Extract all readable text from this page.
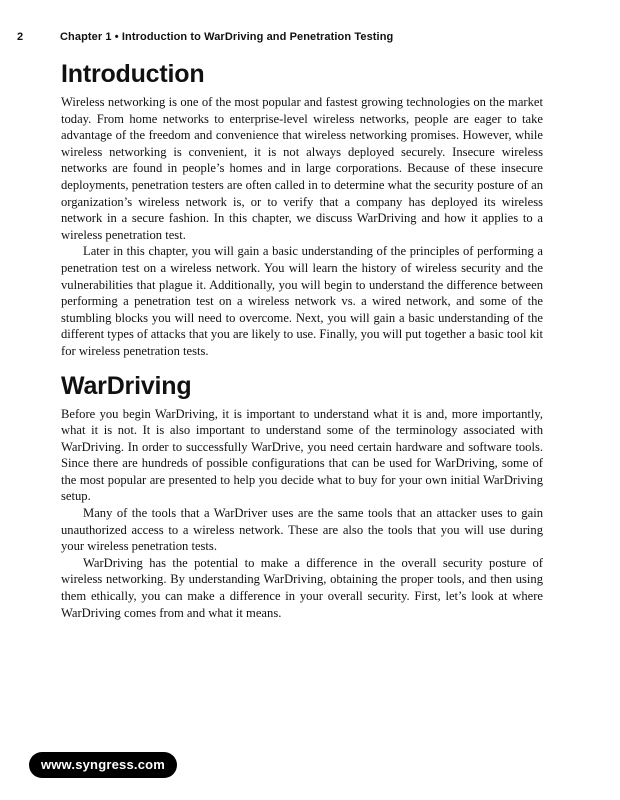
2	Chapter 1 • Introduction to WarDriving and Penetration Testing
Introduction

Wireless networking is one of the most popular and fastest growing technologies on the market today. From home networks to enterprise-level wireless networks, people are eager to take advantage of the freedom and convenience that wireless networking promises. However, while wireless networking is convenient, it is not always deployed securely. Insecure wireless networks are found in people’s homes and in large corporations. Because of these insecure deployments, penetration testers are often called in to determine what the security posture of an organization’s wireless network is, or to verify that a company has deployed its wireless network in a secure fashion. In this chapter, we discuss WarDriving and how it applies to a wireless penetration test.

Later in this chapter, you will gain a basic understanding of the principles of performing a penetration test on a wireless network. You will learn the history of wireless security and the vulnerabilities that plague it. Additionally, you will begin to understand the difference between performing a penetration test on a wireless network vs. a wired network, and some of the stumbling blocks you will need to overcome. Next, you will gain a basic understanding of the different types of attacks that you are likely to use. Finally, you will put together a basic tool kit for wireless penetration tests.

WarDriving

Before you begin WarDriving, it is important to understand what it is and, more importantly, what it is not. It is also important to understand some of the terminology associated with WarDriving. In order to successfully WarDrive, you need certain hardware and software tools. Since there are hundreds of possible configurations that can be used for WarDriving, some of the most popular are presented to help you decide what to buy for your own initial WarDriving setup.

Many of the tools that a WarDriver uses are the same tools that an attacker uses to gain unauthorized access to a wireless network. These are also the tools that you will use during your wireless penetration tests.

WarDriving has the potential to make a difference in the overall security posture of wireless networking. By understanding WarDriving, obtaining the proper tools, and then using them ethically, you can make a difference in your overall security. First, let’s look at where WarDriving comes from and what it means.

www.syngress.com
